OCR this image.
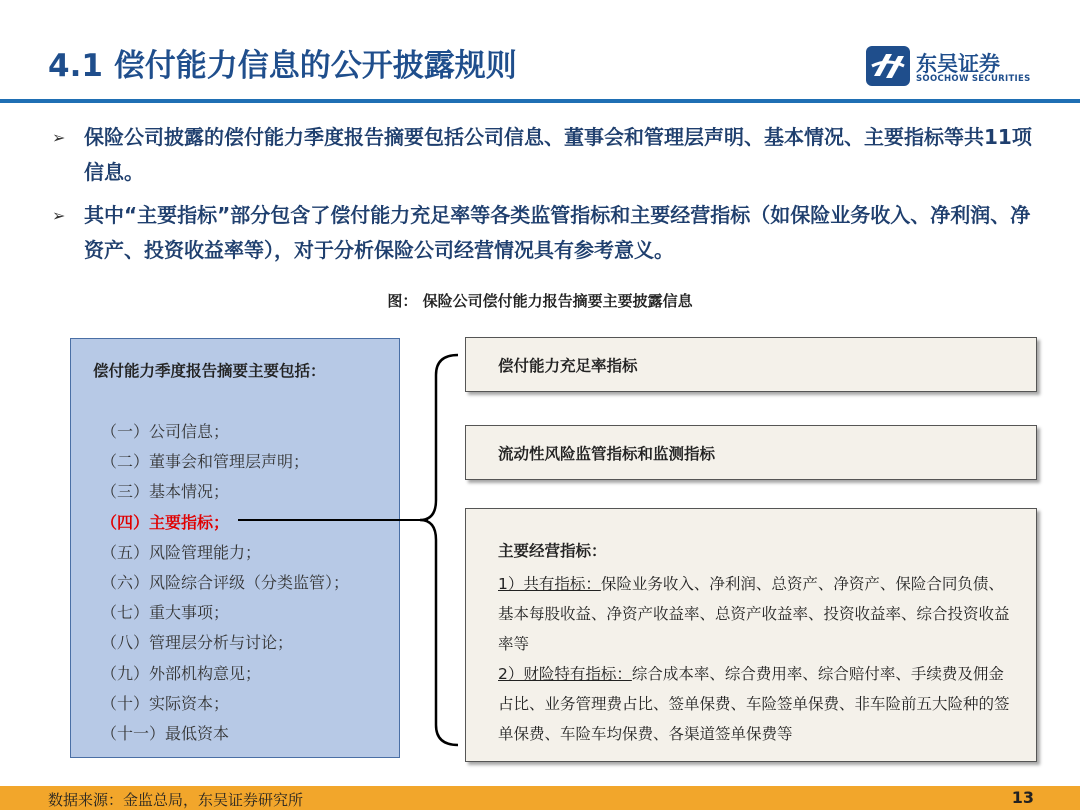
4.1 偿付能力信息的公开披露规则	东吴证券
SOOCHOW SECURITIES
➢ 保险公司披露的偿付能力季度报告摘要包括公司信息、董事会和管理层声明、基本情况、主要指标等共11项信息。
➢ 其中“主要指标”部分包含了偿付能力充足率等各类监管指标和主要经营指标（如保险业务收入、净利润、净资产、投资收益率等），对于分析保险公司经营情况具有参考意义。
图： 保险公司偿付能力报告摘要主要披露信息
偿付能力季度报告摘要主要包括：
（一）公司信息；
（二）董事会和管理层声明；
（三）基本情况；
（四）主要指标；
（五）风险管理能力；
（六）风险综合评级（分类监管）；
（七）重大事项；
（八）管理层分析与讨论；
（九）外部机构意见；
（十）实际资本；
（十一）最低资本
偿付能力充足率指标
流动性风险监管指标和监测指标
主要经营指标：
1）共有指标：保险业务收入、净利润、总资产、净资产、保险合同负债、基本每股收益、净资产收益率、总资产收益率、投资收益率、综合投资收益率等
2）财险特有指标：综合成本率、综合费用率、综合赔付率、手续费及佣金占比、业务管理费占比、签单保费、车险签单保费、非车险前五大险种的签单保费、车险车均保费、各渠道签单保费等
数据来源：金监总局，东吴证券研究所	13
